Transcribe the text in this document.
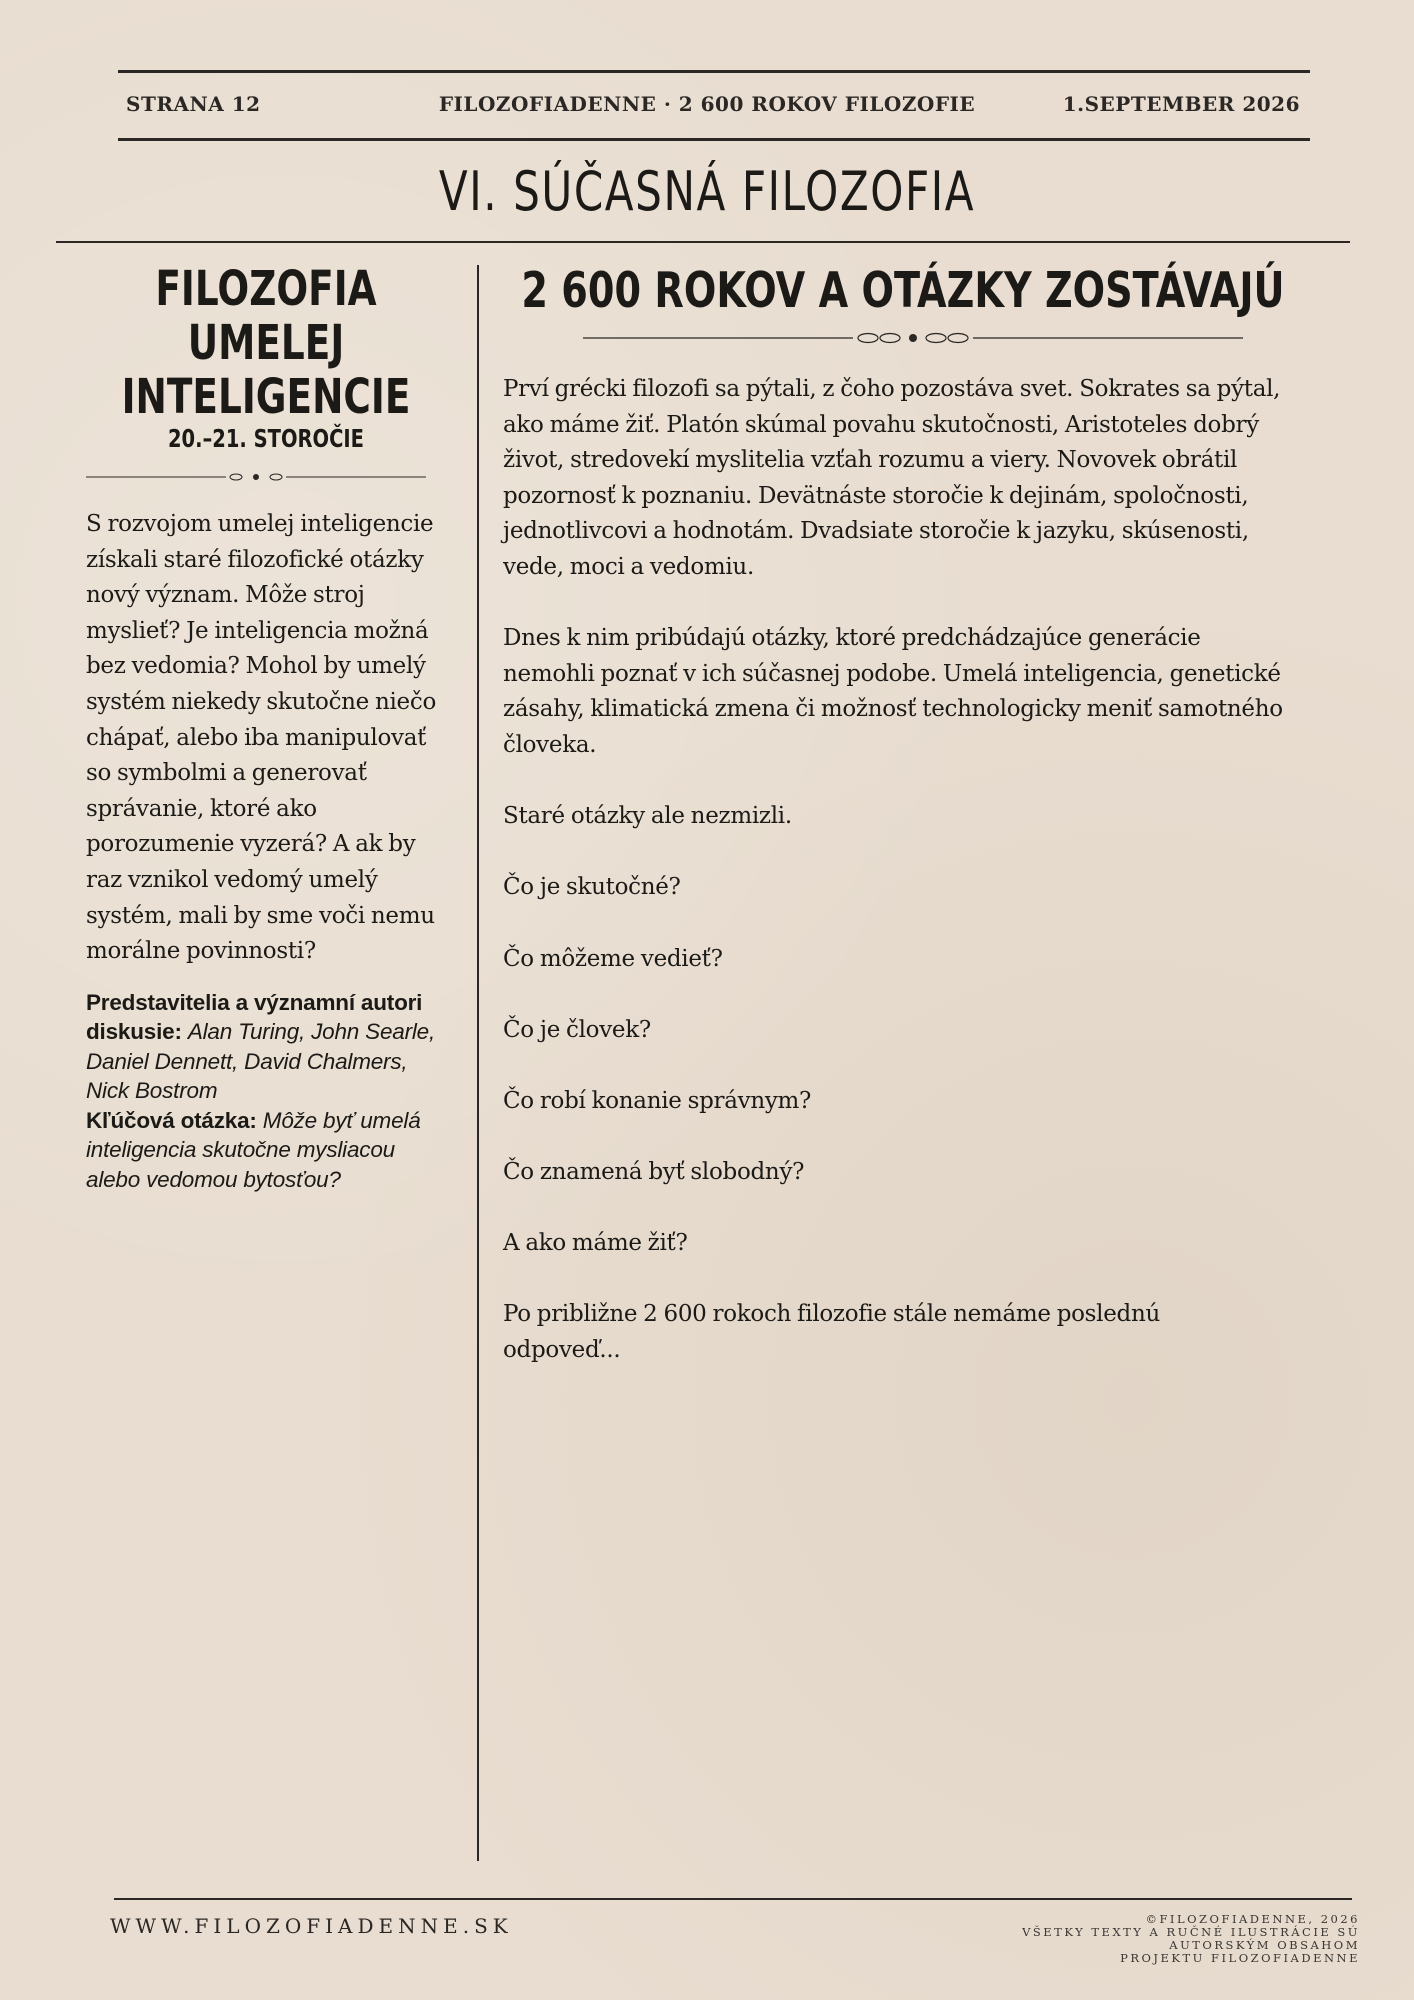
STRANA 12	FILOZOFIADENNE · 2 600 ROKOV FILOZOFIE	1.SEPTEMBER 2026
VI. SÚČASNÁ FILOZOFIA
FILOZOFIA UMELEJ
INTELIGENCIE
20.–21. STOROČIE
S rozvojom umelej inteligencie získali staré filozofické otázky nový význam. Môže stroj myslieť? Je inteligencia možná bez vedomia? Mohol by umelý systém niekedy skutočne niečo chápať, alebo iba manipulovať so symbolmi a generovať správanie, ktoré ako porozumenie vyzerá? A ak by raz vznikol vedomý umelý systém, mali by sme voči nemu morálne povinnosti?
Predstavitelia a významní autori diskusie: Alan Turing, John Searle, Daniel Dennett, David Chalmers, Nick Bostrom
Kľúčová otázka: Môže byť umelá inteligencia skutočne mysliacou alebo vedomou bytosťou?
2 600 ROKOV A OTÁZKY ZOSTÁVAJÚ

Prví grécki filozofi sa pýtali, z čoho pozostáva svet. Sokrates sa pýtal, ako máme žiť. Platón skúmal povahu skutočnosti, Aristoteles dobrý život, stredovekí myslitelia vzťah rozumu a viery. Novovek obrátil pozornosť k poznaniu. Devätnáste storočie k dejinám, spoločnosti, jednotlivcovi a hodnotám. Dvadsiate storočie k jazyku, skúsenosti, vede, moci a vedomiu.

Dnes k nim pribúdajú otázky, ktoré predchádzajúce generácie nemohli poznať v ich súčasnej podobe. Umelá inteligencia, genetické zásahy, klimatická zmena či možnosť technologicky meniť samotného človeka.

Staré otázky ale nezmizli.

Čo je skutočné?

Čo môžeme vedieť?

Čo je človek?

Čo robí konanie správnym?

Čo znamená byť slobodný?

A ako máme žiť?

Po približne 2 600 rokoch filozofie stále nemáme poslednú odpoveď...

WWW.FILOZOFIADENNE.SK	©FILOZOFIADENNE, 2026
VŠETKY TEXTY A RUČNÉ ILUSTRÁCIE SÚ
AUTORSKÝM OBSAHOM
PROJEKTU FILOZOFIADENNE
